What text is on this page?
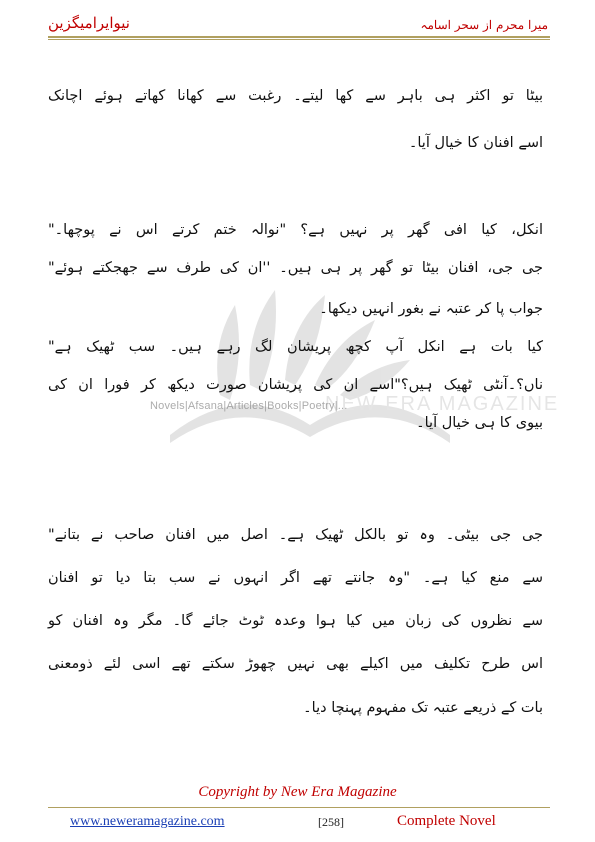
نیوایرامیگزین	میرا محرم از سحر اسامہ
NEW ERA MAGAZINE
Novels|Afsana|Articles|Books|Poetry|...
بیٹا تو اکثر ہی باہر سے کھا لیتے۔ رغبت سے کھانا کھاتے ہوئے اچانک
اسے افنان کا خیال آیا۔
انکل، کیا افی گھر پر نہیں ہے؟ "نوالہ ختم کرتے اس نے پوچھا۔"
جی جی، افنان بیٹا تو گھر پر ہی ہیں۔ ''ان کی طرف سے جھجکتے ہوئے"
جواب پا کر عتبہ نے بغور انہیں دیکھا۔
کیا بات ہے انکل آپ کچھ پریشان لگ رہے ہیں۔ سب ٹھیک ہے"
ناں؟۔آنٹی ٹھیک ہیں؟"اسے ان کی پریشان صورت دیکھ کر فورا ان کی
بیوی کا ہی خیال آیا۔
جی جی بیٹی۔ وہ تو بالکل ٹھیک ہے۔ اصل میں افنان صاحب نے بتانے"
سے منع کیا ہے۔ "وہ جانتے تھے اگر انہوں نے سب بتا دیا تو افنان
سے نظروں کی زبان میں کیا ہوا وعدہ ٹوٹ جائے گا۔ مگر وہ افنان کو
اس طرح تکلیف میں اکیلے بھی نہیں چھوڑ سکتے تھے اسی لئے ذومعنی
بات کے ذریعے عتبہ تک مفہوم پہنچا دیا۔
Copyright by New Era Magazine
www.neweramagazine.com	[258]	Complete Novel
